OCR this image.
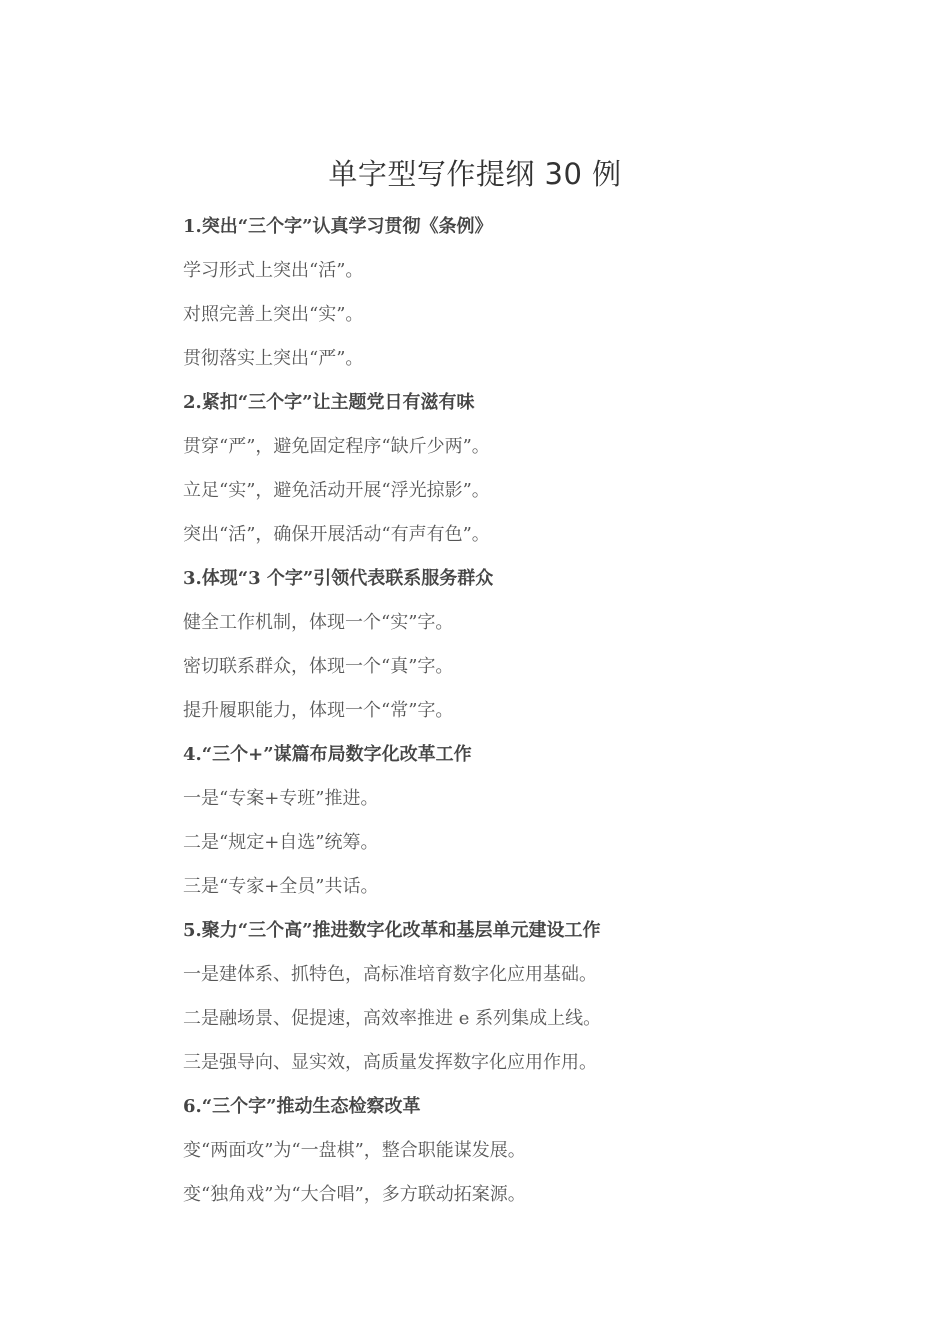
单字型写作提纲 30 例
1.突出“三个字”认真学习贯彻《条例》
学习形式上突出“活”。
对照完善上突出“实”。
贯彻落实上突出“严”。
2.紧扣“三个字”让主题党日有滋有味
贯穿“严”，避免固定程序“缺斤少两”。
立足“实”，避免活动开展“浮光掠影”。
突出“活”，确保开展活动“有声有色”。
3.体现“3 个字”引领代表联系服务群众
健全工作机制，体现一个“实”字。
密切联系群众，体现一个“真”字。
提升履职能力，体现一个“常”字。
4.“三个+”谋篇布局数字化改革工作
一是“专案+专班”推进。
二是“规定+自选”统筹。
三是“专家+全员”共话。
5.聚力“三个高”推进数字化改革和基层单元建设工作
一是建体系、抓特色，高标准培育数字化应用基础。
二是融场景、促提速，高效率推进 e 系列集成上线。
三是强导向、显实效，高质量发挥数字化应用作用。
6.“三个字”推动生态检察改革
变“两面攻”为“一盘棋”，整合职能谋发展。
变“独角戏”为“大合唱”，多方联动拓案源。
